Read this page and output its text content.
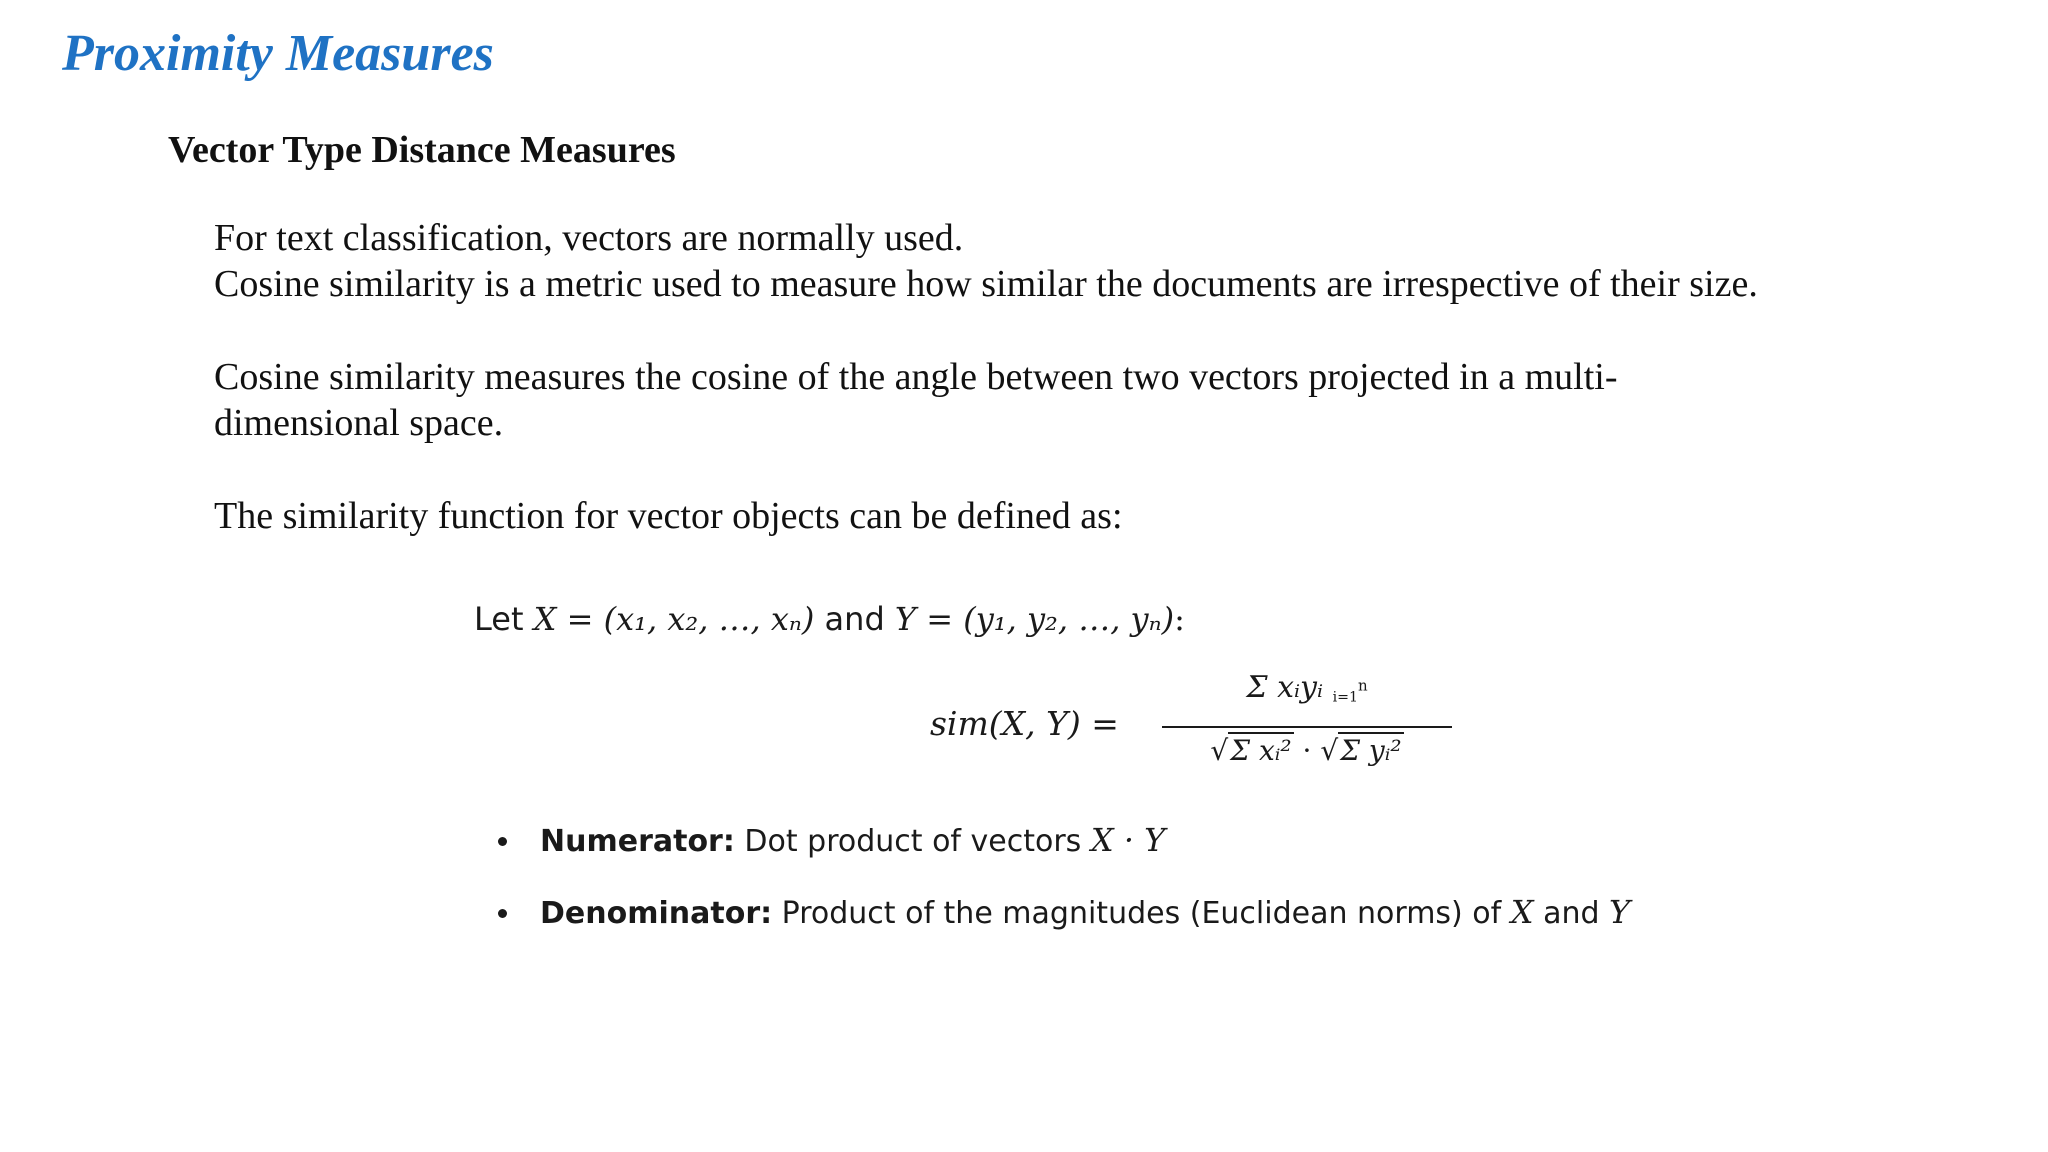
Proximity Measures
Vector Type Distance Measures

For text classification, vectors are normally used.
Cosine similarity is a metric used to measure how similar the documents are irrespective of their size.

Cosine similarity measures the cosine of the angle between two vectors projected in a multi-
dimensional space.

The similarity function for vector objects can be defined as:

Let X = (x₁, x₂, …, xₙ) and Y = (y₁, y₂, …, yₙ):
sim(X, Y) =
Σ xᵢyᵢ $_{i=1}^n$
√Σ xᵢ² · √Σ yᵢ²
Numerator: Dot product of vectors X · Y
Denominator: Product of the magnitudes (Euclidean norms) of X and Y
